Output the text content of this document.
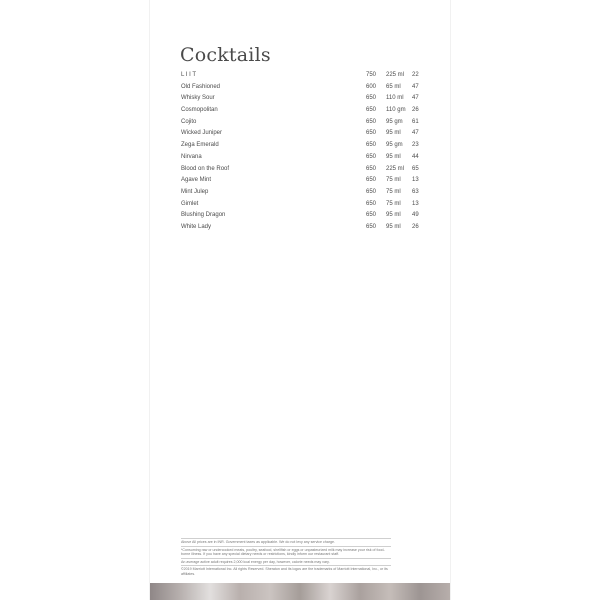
Cocktails
L I I T	750 225 ml 22
Old Fashioned	600 65 ml 47
Whisky Sour	650 110 ml 47
Cosmopolitan	650 110 gm 26
Cojito	650 95 gm 61
Wicked Juniper	650 95 ml 47
Zega Emerald	650 95 gm 23
Nirvana	650 95 ml 44
Blood on the Roof	650 225 ml 65
Agave Mint	650 75 ml 13
Mint Julep	650 75 ml 63
Gimlet	650 75 ml 13
Blushing Dragon	650 95 ml 49
White Lady	650 95 ml 26
Above All prices are in INR. Government taxes as applicable. We do not levy any service charge.
*Consuming raw or undercooked meats, poultry, seafood, shellfish or eggs or unpasteurized milk may increase your risk of food-borne illness. If you have any special dietary needs or restrictions, kindly inform our restaurant staff.
An average active adult requires 2,000 kcal energy per day, however, calorie needs may vary.
©2019 Marriott International Inc. All rights Reserved. Sheraton and its logos are the trademarks of Marriott International, Inc., or its affiliates.
